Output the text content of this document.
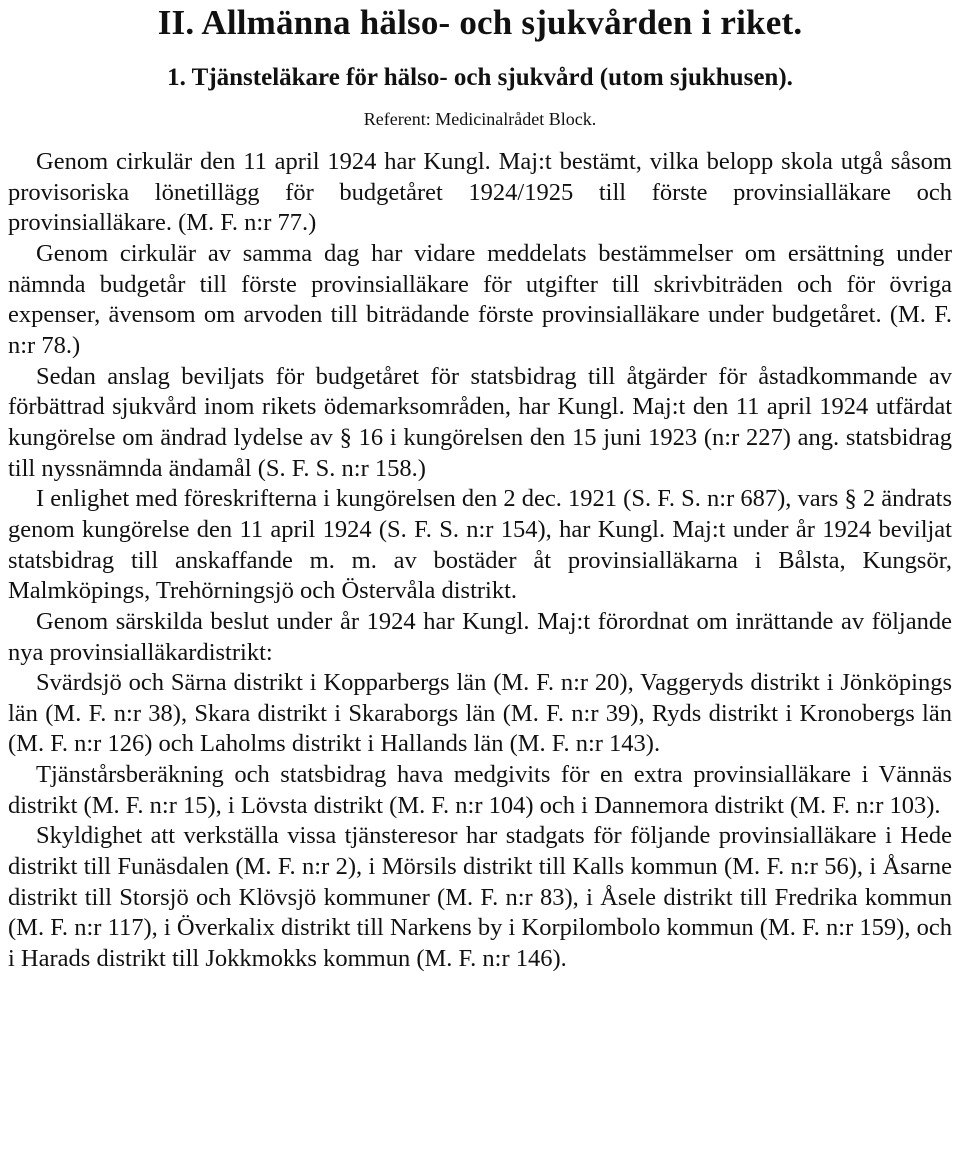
II. Allmänna hälso- och sjukvården i riket.
1. Tjänsteläkare för hälso- och sjukvård (utom sjukhusen).
Referent: Medicinalrådet Block.

Genom cirkulär den 11 april 1924 har Kungl. Maj:t bestämt, vilka belopp skola utgå såsom provisoriska lönetillägg för budgetåret 1924/1925 till förste provinsialläkare och provinsialläkare. (M. F. n:r 77.)

Genom cirkulär av samma dag har vidare meddelats bestämmelser om ersättning under nämnda budgetår till förste provinsialläkare för utgifter till skrivbiträden och för övriga expenser, ävensom om arvoden till biträdande förste provinsialläkare under budgetåret. (M. F. n:r 78.)

Sedan anslag beviljats för budgetåret för statsbidrag till åtgärder för åstadkommande av förbättrad sjukvård inom rikets ödemarksområden, har Kungl. Maj:t den 11 april 1924 utfärdat kungörelse om ändrad lydelse av § 16 i kungörelsen den 15 juni 1923 (n:r 227) ang. statsbidrag till nyssnämnda ändamål (S. F. S. n:r 158.)

I enlighet med föreskrifterna i kungörelsen den 2 dec. 1921 (S. F. S. n:r 687), vars § 2 ändrats genom kungörelse den 11 april 1924 (S. F. S. n:r 154), har Kungl. Maj:t under år 1924 beviljat statsbidrag till anskaffande m. m. av bostäder åt provinsialläkarna i Bålsta, Kungsör, Malmköpings, Trehörningsjö och Östervåla distrikt.

Genom särskilda beslut under år 1924 har Kungl. Maj:t förordnat om inrättande av följande nya provinsialläkardistrikt:

Svärdsjö och Särna distrikt i Kopparbergs län (M. F. n:r 20), Vaggeryds distrikt i Jönköpings län (M. F. n:r 38), Skara distrikt i Skaraborgs län (M. F. n:r 39), Ryds distrikt i Kronobergs län (M. F. n:r 126) och Laholms distrikt i Hallands län (M. F. n:r 143).

Tjänstårsberäkning och statsbidrag hava medgivits för en extra provinsialläkare i Vännäs distrikt (M. F. n:r 15), i Lövsta distrikt (M. F. n:r 104) och i Dannemora distrikt (M. F. n:r 103).

Skyldighet att verkställa vissa tjänsteresor har stadgats för följande provinsialläkare i Hede distrikt till Funäsdalen (M. F. n:r 2), i Mörsils distrikt till Kalls kommun (M. F. n:r 56), i Åsarne distrikt till Storsjö och Klövsjö kommuner (M. F. n:r 83), i Åsele distrikt till Fredrika kommun (M. F. n:r 117), i Överkalix distrikt till Narkens by i Korpilombolo kommun (M. F. n:r 159), och i Harads distrikt till Jokkmokks kommun (M. F. n:r 146).
